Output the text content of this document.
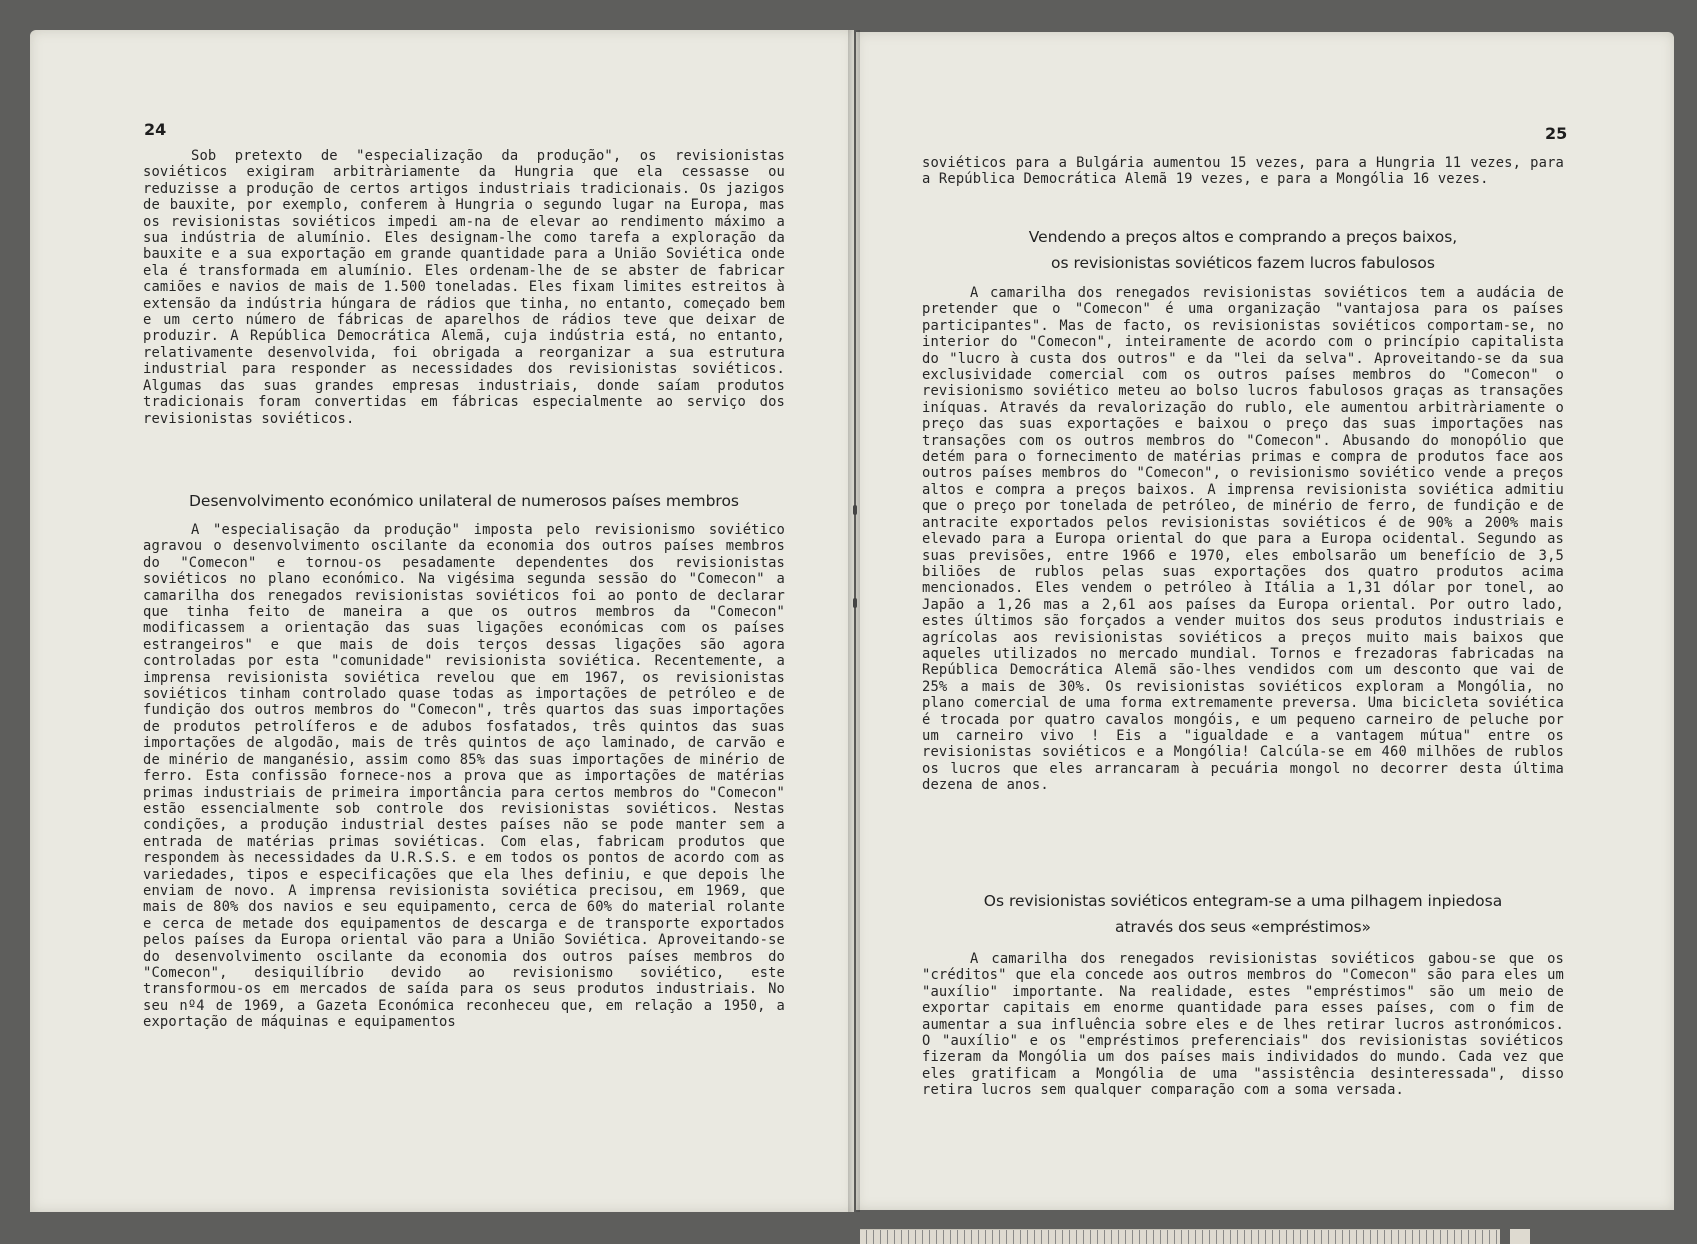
24

Sob pretexto de "especialização da produção", os revisionistas soviéticos exigiram arbitràriamente da Hungria que ela cessasse ou reduzisse a produção de certos artigos industriais tradicionais. Os jazigos de bauxite, por exemplo, conferem à Hungria o segundo lugar na Europa, mas os revisionistas soviéticos impedi am-na de elevar ao rendimento máximo a sua indústria de alumínio. Eles designam-lhe como tarefa a exploração da bauxite e a sua exportação em grande quantidade para a União Soviética onde ela é transformada em alumínio. Eles ordenam-lhe de se abster de fabricar camiões e navios de mais de 1.500 toneladas. Eles fixam limites estreitos à extensão da indústria húngara de rádios que tinha, no entanto, começado bem e um certo número de fábricas de aparelhos de rádios teve que deixar de produzir. A República Democrática Alemã, cuja indústria está, no entanto, relativamente desenvolvida, foi obrigada a reorganizar a sua estrutura industrial para responder as necessidades dos revisionistas soviéticos. Algumas das suas grandes empresas industriais, donde saíam produtos tradicionais foram convertidas em fábricas especialmente ao serviço dos revisionistas soviéticos.

Desenvolvimento económico unilateral de numerosos países membros

A "especialisação da produção" imposta pelo revisionismo soviético agravou o desenvolvimento oscilante da economia dos outros países membros do "Comecon" e tornou-os pesadamente dependentes dos revisionistas soviéticos no plano económico. Na vigésima segunda sessão do "Comecon" a camarilha dos renegados revisionistas soviéticos foi ao ponto de declarar que tinha feito de maneira a que os outros membros da "Comecon" modificassem a orientação das suas ligações económicas com os países estrangeiros" e que mais de dois terços dessas ligações são agora controladas por esta "comunidade" revisionista soviética. Recentemente, a imprensa revisionista soviética revelou que em 1967, os revisionistas soviéticos tinham controlado quase todas as importações de petróleo e de fundição dos outros membros do "Comecon", três quartos das suas importações de produtos petrolíferos e de adubos fosfatados, três quintos das suas importações de algodão, mais de três quintos de aço laminado, de carvão e de minério de manganésio, assim como 85% das suas importações de minério de ferro. Esta confissão fornece-nos a prova que as importações de matérias primas industriais de primeira importância para certos membros do "Comecon" estão essencialmente sob controle dos revisionistas soviéticos. Nestas condições, a produção industrial destes países não se pode manter sem a entrada de matérias primas soviéticas. Com elas, fabricam produtos que respondem às necessidades da U.R.S.S. e em todos os pontos de acordo com as variedades, tipos e especificações que ela lhes definiu, e que depois lhe enviam de novo. A imprensa revisionista soviética precisou, em 1969, que mais de 80% dos navios e seu equipamento, cerca de 60% do material rolante e cerca de metade dos equipamentos de descarga e de transporte exportados pelos países da Europa oriental vão para a União Soviética. Aproveitando-se do desenvolvimento oscilante da economia dos outros países membros do "Comecon", desiquilíbrio devido ao revisionismo soviético, este transformou-os em mercados de saída para os seus produtos industriais. No seu nº4 de 1969, a Gazeta Económica reconheceu que, em relação a 1950, a exportação de máquinas e equipamentos

25

soviéticos para a Bulgária aumentou 15 vezes, para a Hungria 11 vezes, para a República Democrática Alemã 19 vezes, e para a Mongólia 16 vezes.

Vendendo a preços altos e comprando a preços baixos,
os revisionistas soviéticos fazem lucros fabulosos

A camarilha dos renegados revisionistas soviéticos tem a audácia de pretender que o "Comecon" é uma organização "vantajosa para os países participantes". Mas de facto, os revisionistas soviéticos comportam-se, no interior do "Comecon", inteiramente de acordo com o princípio capitalista do "lucro à custa dos outros" e da "lei da selva". Aproveitando-se da sua exclusividade comercial com os outros países membros do "Comecon" o revisionismo soviético meteu ao bolso lucros fabulosos graças as transações iníquas. Através da revalorização do rublo, ele aumentou arbitràriamente o preço das suas exportações e baixou o preço das suas importações nas transações com os outros membros do "Comecon". Abusando do monopólio que detém para o fornecimento de matérias primas e compra de produtos face aos outros países membros do "Comecon", o revisionismo soviético vende a preços altos e compra a preços baixos. A imprensa revisionista soviética admitiu que o preço por tonelada de petróleo, de minério de ferro, de fundição e de antracite exportados pelos revisionistas soviéticos é de 90% a 200% mais elevado para a Europa oriental do que para a Europa ocidental. Segundo as suas previsões, entre 1966 e 1970, eles embolsarão um benefício de 3,5 biliões de rublos pelas suas exportações dos quatro produtos acima mencionados. Eles vendem o petróleo à Itália a 1,31 dólar por tonel, ao Japão a 1,26 mas a 2,61 aos países da Europa oriental. Por outro lado, estes últimos são forçados a vender muitos dos seus produtos industriais e agrícolas aos revisionistas soviéticos a preços muito mais baixos que aqueles utilizados no mercado mundial. Tornos e frezadoras fabricadas na República Democrática Alemã são-lhes vendidos com um desconto que vai de 25% a mais de 30%. Os revisionistas soviéticos exploram a Mongólia, no plano comercial de uma forma extremamente preversa. Uma bicicleta soviética é trocada por quatro cavalos mongóis, e um pequeno carneiro de peluche por um carneiro vivo ! Eis a "igualdade e a vantagem mútua" entre os revisionistas soviéticos e a Mongólia! Calcúla-se em 460 milhões de rublos os lucros que eles arrancaram à pecuária mongol no decorrer desta última dezena de anos.

Os revisionistas soviéticos entegram-se a uma pilhagem inpiedosa
através dos seus «empréstimos»

A camarilha dos renegados revisionistas soviéticos gabou-se que os "créditos" que ela concede aos outros membros do "Comecon" são para eles um "auxílio" importante. Na realidade, estes "empréstimos" são um meio de exportar capitais em enorme quantidade para esses países, com o fim de aumentar a sua influência sobre eles e de lhes retirar lucros astronómicos. O "auxílio" e os "empréstimos preferenciais" dos revisionistas soviéticos fizeram da Mongólia um dos países mais individados do mundo. Cada vez que eles gratificam a Mongólia de uma "assistência desinteressada", disso retira lucros sem qualquer comparação com a soma versada.
